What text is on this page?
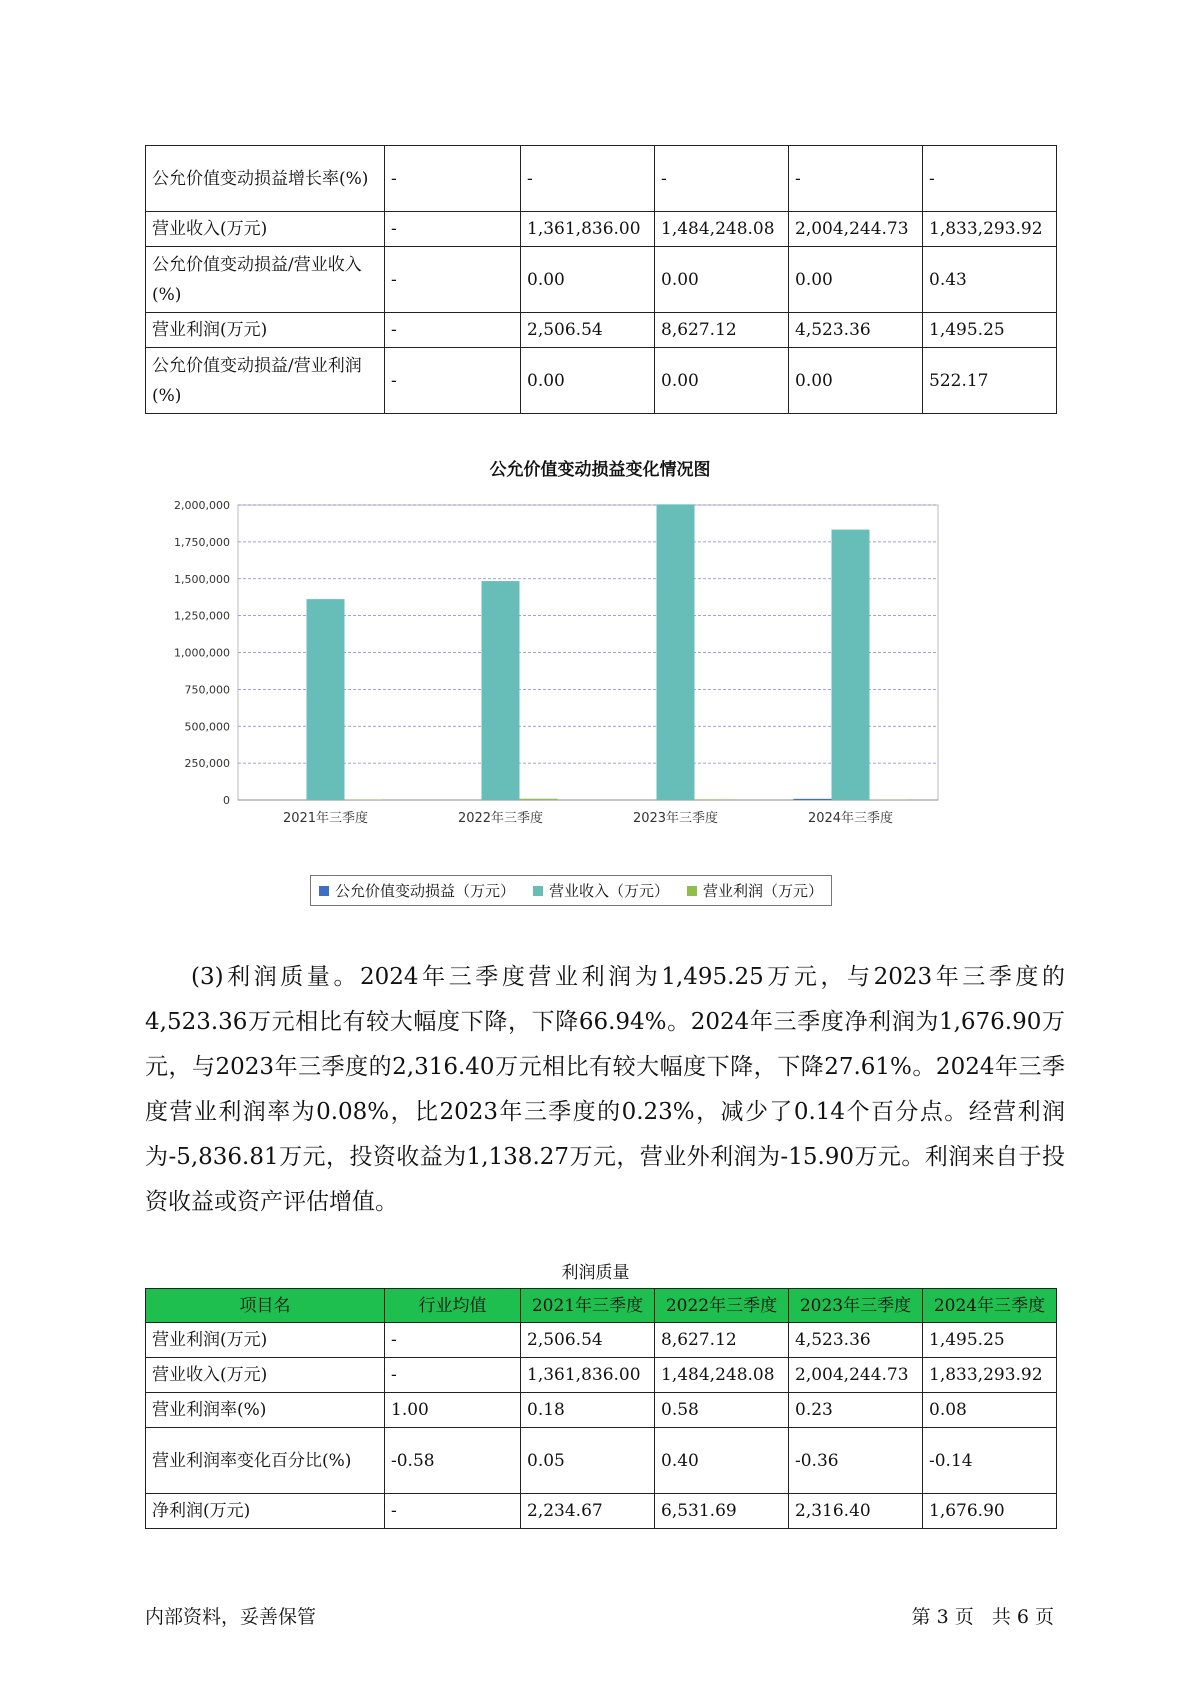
公允价值变动损益增长率(%)	-	-	-	-	-
营业收入(万元)	-	1,361,836.00	1,484,248.08	2,004,244.73	1,833,293.92
公允价值变动损益/营业收入(%)	-	0.00	0.00	0.00	0.43
营业利润(万元)	-	2,506.54	8,627.12	4,523.36	1,495.25
公允价值变动损益/营业利润(%)	-	0.00	0.00	0.00	522.17
0
250,000
500,000
750,000
1,000,000
1,250,000
1,500,000
1,750,000
2,000,000
2021年三季度	2022年三季度	2023年三季度	2024年三季度
公允价值变动损益变化情况图
公允价值变动损益（万元） 营业收入（万元） 营业利润（万元）
(3)利润质量。2024年三季度营业利润为1,495.25万元，与2023年三季度的4,523.36万元相比有较大幅度下降，下降66.94%。2024年三季度净利润为1,676.90万元，与2023年三季度的2,316.40万元相比有较大幅度下降，下降27.61%。2024年三季度营业利润率为0.08%，比2023年三季度的0.23%，减少了0.14个百分点。经营利润为-5,836.81万元，投资收益为1,138.27万元，营业外利润为-15.90万元。利润来自于投资收益或资产评估增值。
利润质量
项目名	行业均值	2021年三季度	2022年三季度	2023年三季度	2024年三季度
营业利润(万元)	-	2,506.54	8,627.12	4,523.36	1,495.25
营业收入(万元)	-	1,361,836.00	1,484,248.08	2,004,244.73	1,833,293.92
营业利润率(%)	1.00	0.18	0.58	0.23	0.08
营业利润率变化百分比(%)	-0.58	0.05	0.40	-0.36	-0.14
净利润(万元)	-	2,234.67	6,531.69	2,316.40	1,676.90
内部资料，妥善保管	第 3 页   共 6 页
